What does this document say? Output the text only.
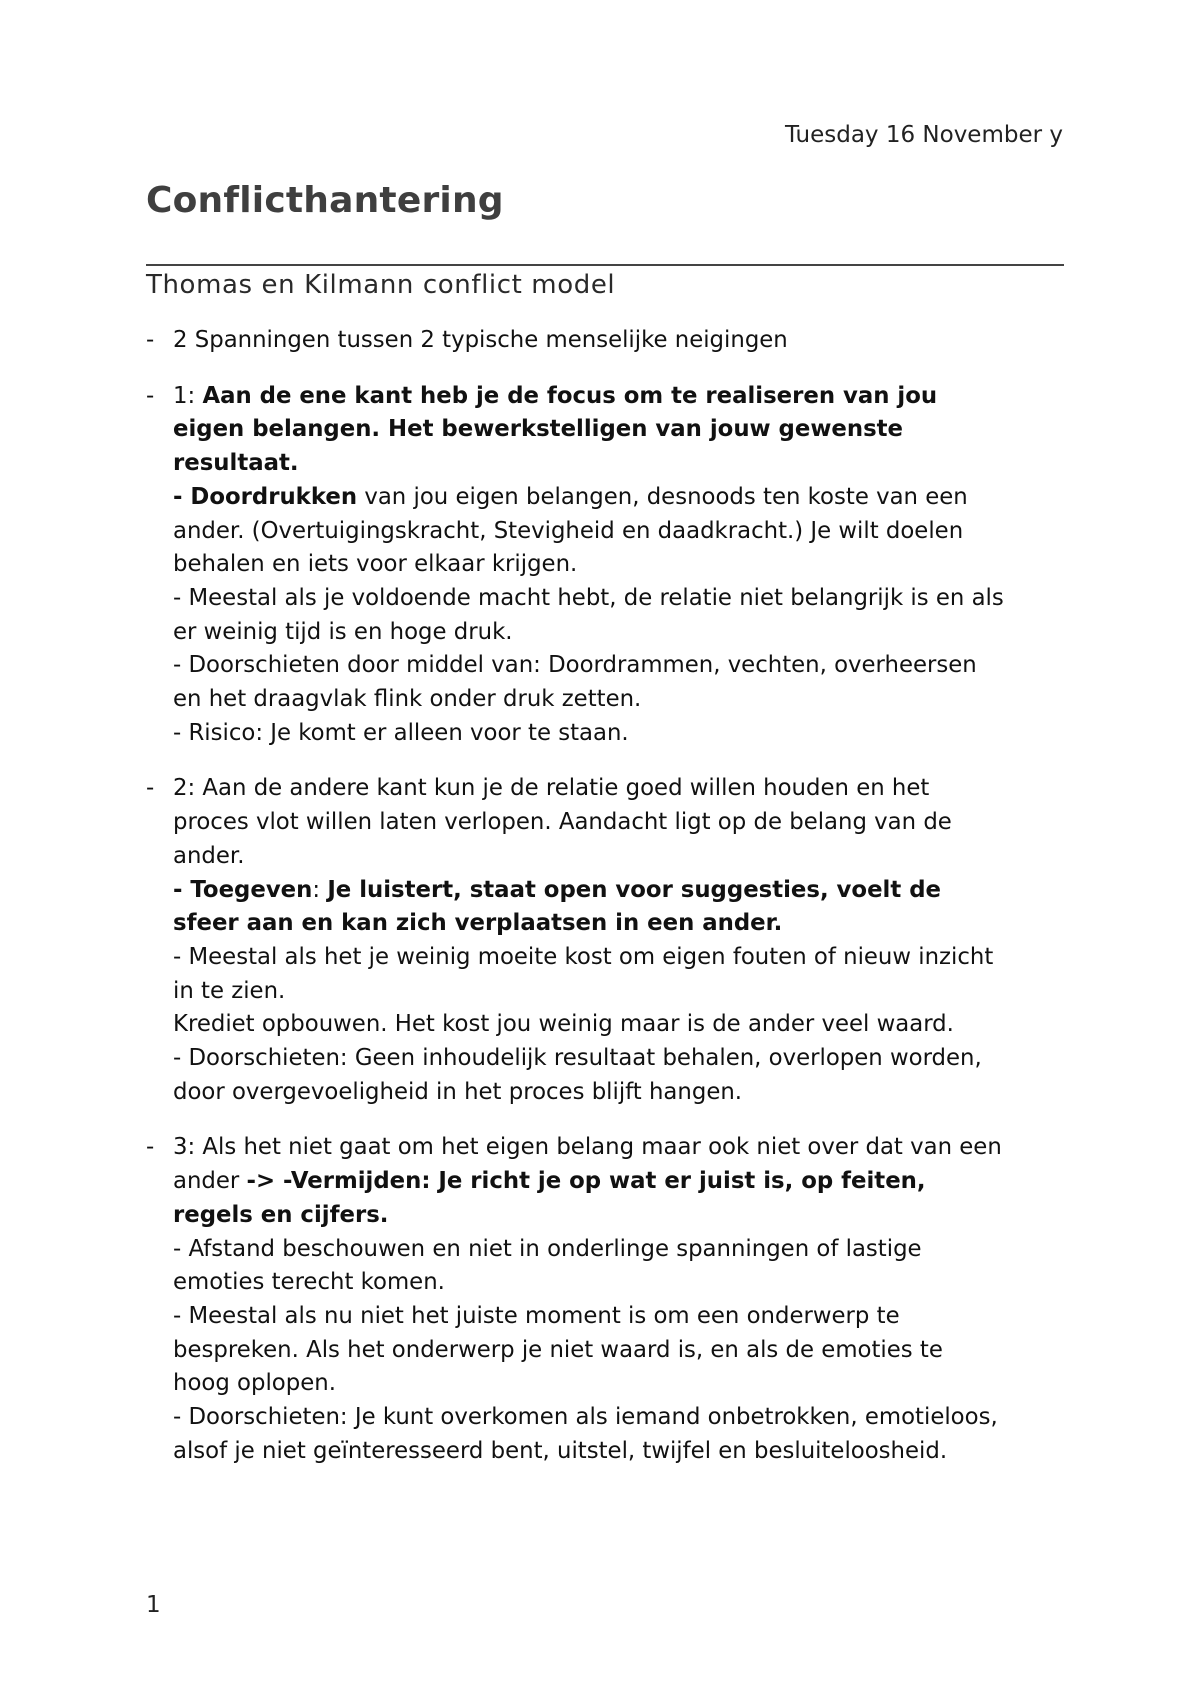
Tuesday 16 November y
Conflicthantering
Thomas en Kilmann conflict model
- 2 Spanningen tussen 2 typische menselijke neigingen
- 1: Aan de ene kant heb je de focus om te realiseren van jou
eigen belangen. Het bewerkstelligen van jouw gewenste
resultaat.
- Doordrukken van jou eigen belangen, desnoods ten koste van een
ander. (Overtuigingskracht, Stevigheid en daadkracht.) Je wilt doelen
behalen en iets voor elkaar krijgen.
- Meestal als je voldoende macht hebt, de relatie niet belangrijk is en als
er weinig tijd is en hoge druk.
- Doorschieten door middel van: Doordrammen, vechten, overheersen
en het draagvlak flink onder druk zetten.
- Risico: Je komt er alleen voor te staan.
- 2: Aan de andere kant kun je de relatie goed willen houden en het
proces vlot willen laten verlopen. Aandacht ligt op de belang van de
ander.
- Toegeven: Je luistert, staat open voor suggesties, voelt de
sfeer aan en kan zich verplaatsen in een ander.
- Meestal als het je weinig moeite kost om eigen fouten of nieuw inzicht
in te zien.
Krediet opbouwen. Het kost jou weinig maar is de ander veel waard.
- Doorschieten: Geen inhoudelijk resultaat behalen, overlopen worden,
door overgevoeligheid in het proces blijft hangen.
- 3: Als het niet gaat om het eigen belang maar ook niet over dat van een
ander -> -Vermijden: Je richt je op wat er juist is, op feiten,
regels en cijfers.
- Afstand beschouwen en niet in onderlinge spanningen of lastige
emoties terecht komen.
- Meestal als nu niet het juiste moment is om een onderwerp te
bespreken. Als het onderwerp je niet waard is, en als de emoties te
hoog oplopen.
- Doorschieten: Je kunt overkomen als iemand onbetrokken, emotieloos,
alsof je niet geïnteresseerd bent, uitstel, twijfel en besluiteloosheid.
1
